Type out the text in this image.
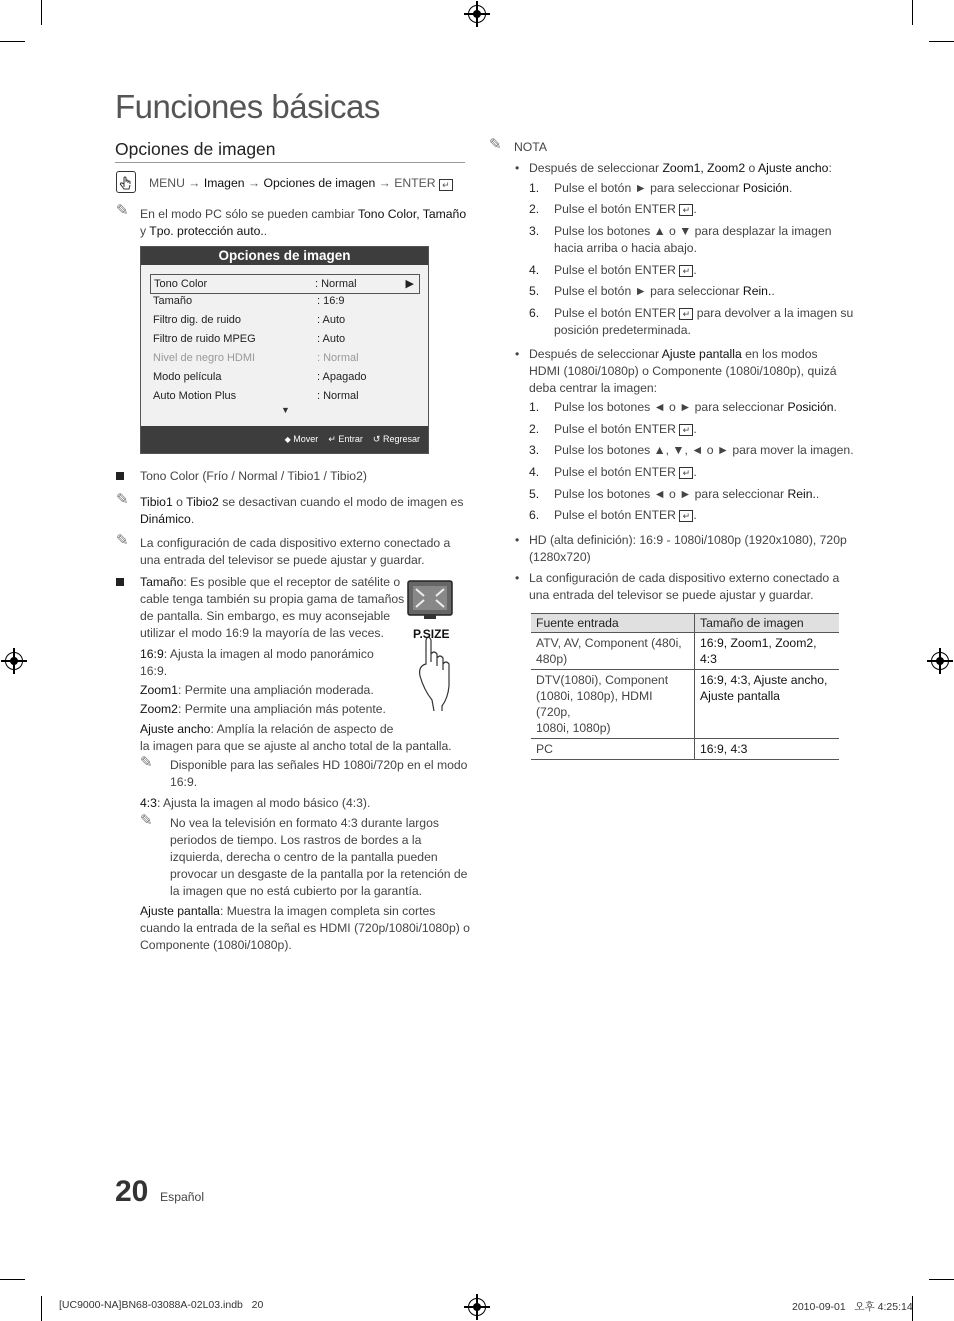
Funciones básicas
Opciones de imagen
MENU → Imagen → Opciones de imagen → ENTER ↵
✎ En el modo PC sólo se pueden cambiar Tono Color, Tamaño
y Tpo. protección auto..
Opciones de imagen
Tono Color	: Normal	▶
Tamaño	: 16:9
Filtro dig. de ruido	: Auto
Filtro de ruido MPEG	: Auto
Nivel de negro HDMI	: Normal
Modo película	: Apagado
Auto Motion Plus	: Normal
▼
◆ Mover ↵ Entrar ↺ Regresar
Tono Color (Frío / Normal / Tibio1 / Tibio2)
✎ Tibio1 o Tibio2 se desactivan cuando el modo de imagen es
Dinámico.
✎ La configuración de cada dispositivo externo conectado a
una entrada del televisor se puede ajustar y guardar.
Tamaño: Es posible que el receptor de satélite o
cable tenga también su propia gama de tamaños
de pantalla. Sin embargo, es muy aconsejable
utilizar el modo 16:9 la mayoría de las veces.	P.SIZE
16:9: Ajusta la imagen al modo panorámico
16:9.
Zoom1: Permite una ampliación moderada.
Zoom2: Permite una ampliación más potente.
Ajuste ancho: Amplía la relación de aspecto de
la imagen para que se ajuste al ancho total de la pantalla.
✎ Disponible para las señales HD 1080i/720p en el modo
16:9.
4:3: Ajusta la imagen al modo básico (4:3).
✎ No vea la televisión en formato 4:3 durante largos
periodos de tiempo. Los rastros de bordes a la
izquierda, derecha o centro de la pantalla pueden
provocar un desgaste de la pantalla por la retención de
la imagen que no está cubierto por la garantía.
Ajuste pantalla: Muestra la imagen completa sin cortes
cuando la entrada de la señal es HDMI (720p/1080i/1080p) o
Componente (1080i/1080p).
✎ NOTA
• Después de seleccionar Zoom1, Zoom2 o Ajuste ancho:
1. Pulse el botón ► para seleccionar Posición.
2. Pulse el botón ENTER ↵ .
3. Pulse los botones ▲ o ▼ para desplazar la imagen
hacia arriba o hacia abajo.
4. Pulse el botón ENTER ↵ .
5. Pulse el botón ► para seleccionar Rein..
6. Pulse el botón ENTER ↵ para devolver a la imagen su
posición predeterminada.
• Después de seleccionar Ajuste pantalla en los modos
HDMI (1080i/1080p) o Componente (1080i/1080p), quizá
deba centrar la imagen:
1. Pulse los botones ◄ o ► para seleccionar Posición.
2. Pulse el botón ENTER ↵ .
3. Pulse los botones ▲, ▼, ◄ o ► para mover la imagen.
4. Pulse el botón ENTER ↵ .
5. Pulse los botones ◄ o ► para seleccionar Rein..
6. Pulse el botón ENTER ↵ .
• HD (alta definición): 16:9 - 1080i/1080p (1920x1080), 720p
(1280x720)
• La configuración de cada dispositivo externo conectado a
una entrada del televisor se puede ajustar y guardar.
Fuente entrada	Tamaño de imagen
ATV, AV, Component (480i,
480p)	16:9, Zoom1, Zoom2,
4:3
DTV(1080i), Component
(1080i, 1080p), HDMI (720p,
1080i, 1080p)	16:9, 4:3, Ajuste ancho,
Ajuste pantalla
PC	16:9, 4:3
20 Español
[UC9000-NA]BN68-03088A-02L03.indb   20	2010-09-01   오후 4:25:14
